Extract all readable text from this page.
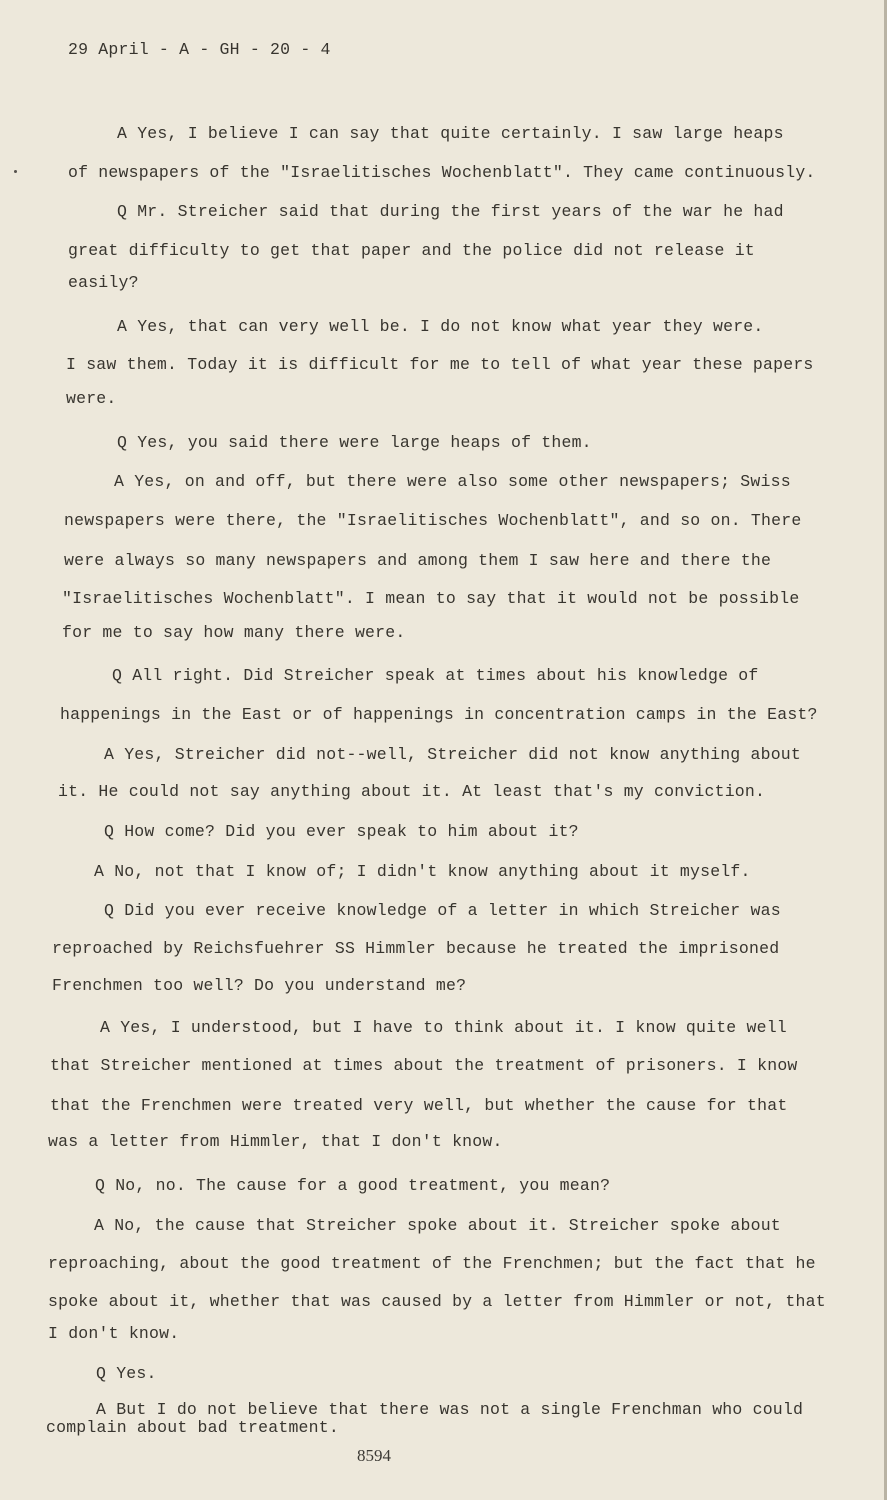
29 April - A - GH - 20 - 4
A Yes, I believe I can say that quite certainly. I saw large heaps
of newspapers of the "Israelitisches Wochenblatt". They came continuously.
Q Mr. Streicher said that during the first years of the war he had
great difficulty to get that paper and the police did not release it
easily?
A Yes, that can very well be. I do not know what year they were.
I saw them. Today it is difficult for me to tell of what year these papers
were.
Q Yes, you said there were large heaps of them.
A Yes, on and off, but there were also some other newspapers; Swiss
newspapers were there, the "Israelitisches Wochenblatt", and so on. There
were always so many newspapers and among them I saw here and there the
"Israelitisches Wochenblatt". I mean to say that it would not be possible
for me to say how many there were.
Q All right. Did Streicher speak at times about his knowledge of
happenings in the East or of happenings in concentration camps in the East?
A Yes, Streicher did not--well, Streicher did not know anything about
it. He could not say anything about it. At least that's my conviction.
Q How come? Did you ever speak to him about it?
A No, not that I know of; I didn't know anything about it myself.
Q Did you ever receive knowledge of a letter in which Streicher was
reproached by Reichsfuehrer SS Himmler because he treated the imprisoned
Frenchmen too well? Do you understand me?
A Yes, I understood, but I have to think about it. I know quite well
that Streicher mentioned at times about the treatment of prisoners. I know
that the Frenchmen were treated very well, but whether the cause for that
was a letter from Himmler, that I don't know.
Q No, no. The cause for a good treatment, you mean?
A No, the cause that Streicher spoke about it. Streicher spoke about
reproaching, about the good treatment of the Frenchmen; but the fact that he
spoke about it, whether that was caused by a letter from Himmler or not, that
I don't know.
Q Yes.
A But I do not believe that there was not a single Frenchman who could
complain about bad treatment.
8594
